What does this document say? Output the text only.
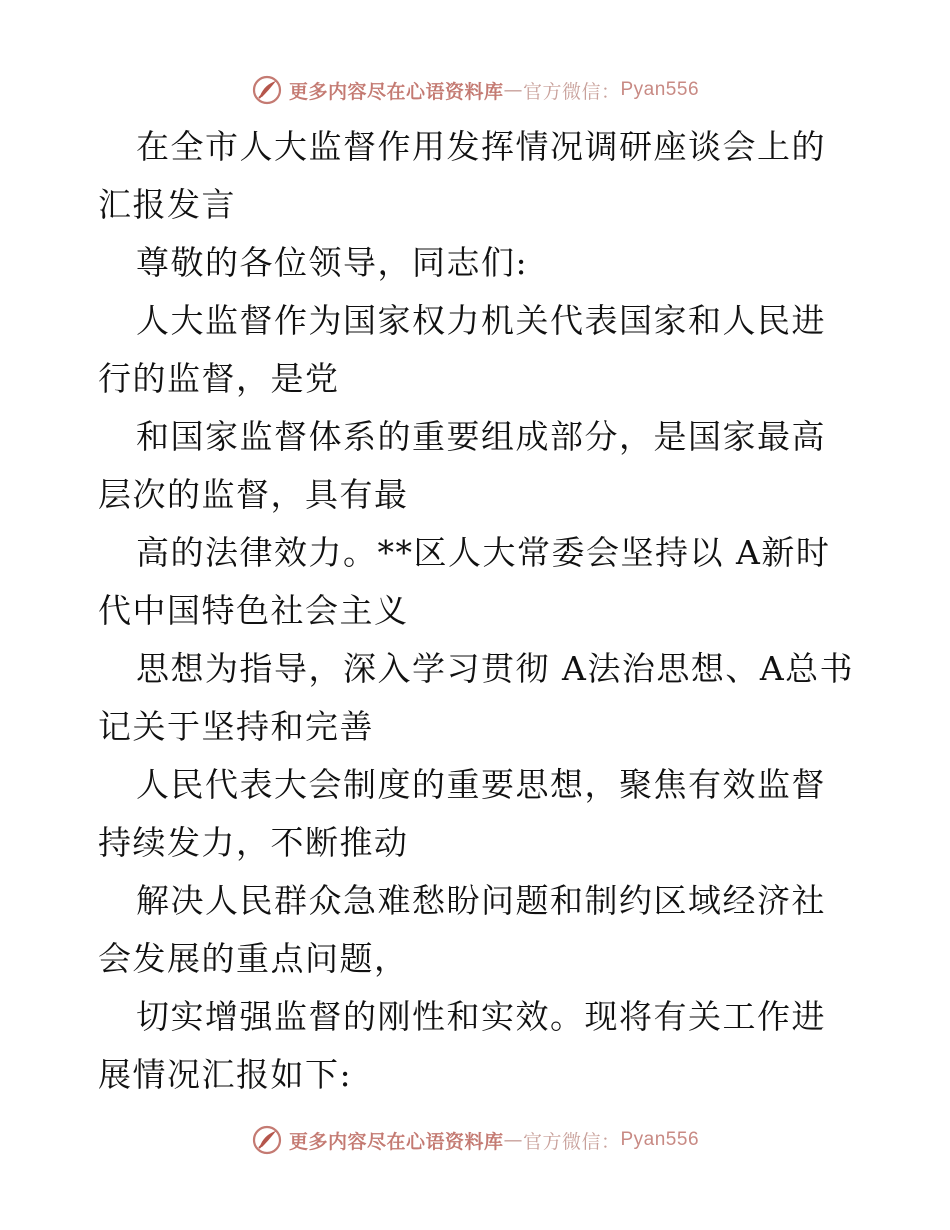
更多内容尽在心语资料库 — 官方微信： Pyan556

在全市人大监督作用发挥情况调研座谈会上的汇报发言

尊敬的各位领导，同志们:

人大监督作为国家权力机关代表国家和人民进行的监督，是党

和国家监督体系的重要组成部分，是国家最高层次的监督，具有最

高的法律效力。**区人大常委会坚持以 A新时代中国特色社会主义

思想为指导，深入学习贯彻 A法治思想、A总书记关于坚持和完善

人民代表大会制度的重要思想，聚焦有效监督持续发力，不断推动

解决人民群众急难愁盼问题和制约区域经济社会发展的重点问题，

切实增强监督的刚性和实效。现将有关工作进展情况汇报如下:

更多内容尽在心语资料库 — 官方微信： Pyan556
